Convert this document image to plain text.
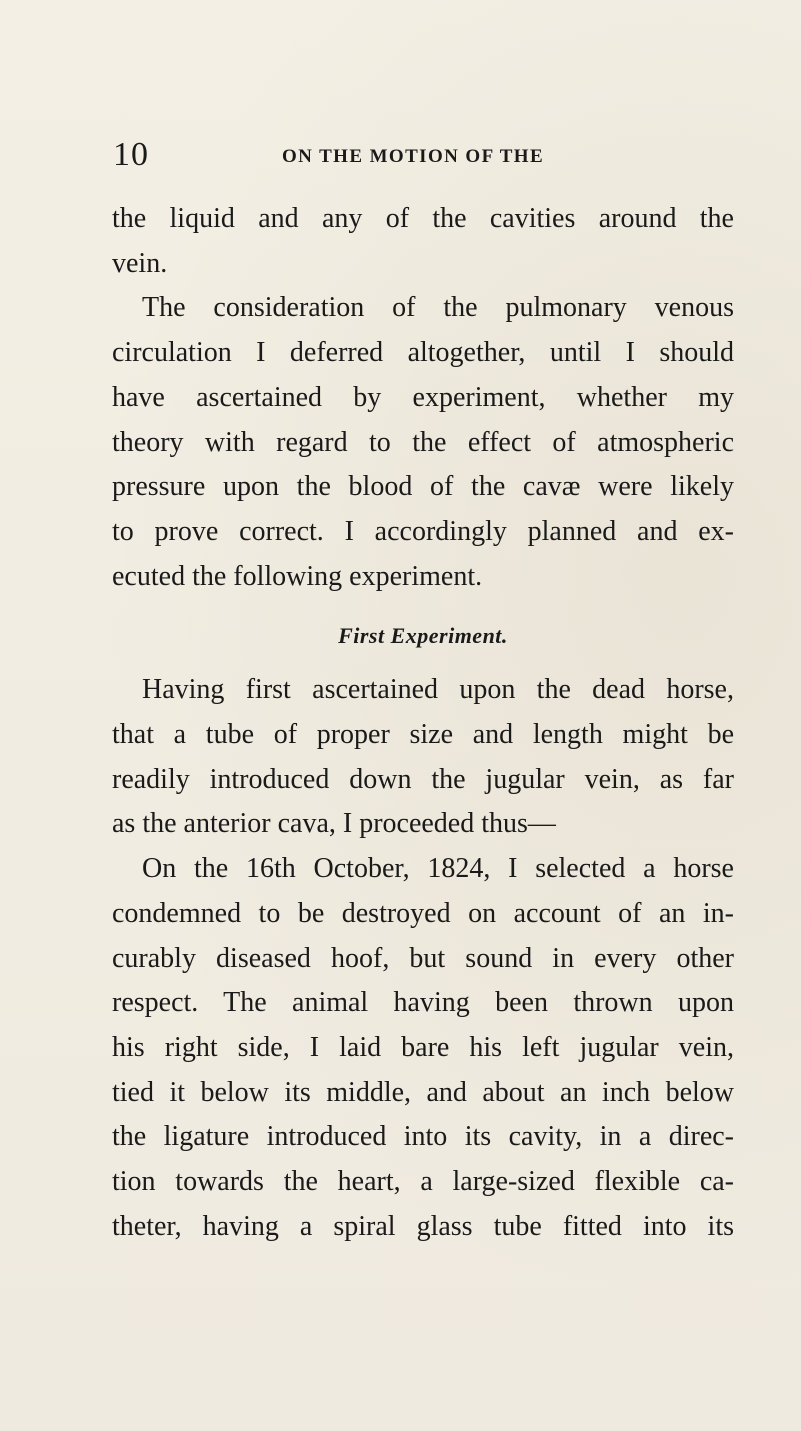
10	ON THE MOTION OF THE
the liquid and any of the cavities around the
vein.
The consideration of the pulmonary venous
circulation I deferred altogether, until I should
have ascertained by experiment, whether my
theory with regard to the effect of atmospheric
pressure upon the blood of the cavæ were likely
to prove correct. I accordingly planned and ex-
ecuted the following experiment.

First Experiment.

Having first ascertained upon the dead horse,
that a tube of proper size and length might be
readily introduced down the jugular vein, as far
as the anterior cava, I proceeded thus—
On the 16th October, 1824, I selected a horse
condemned to be destroyed on account of an in-
curably diseased hoof, but sound in every other
respect. The animal having been thrown upon
his right side, I laid bare his left jugular vein,
tied it below its middle, and about an inch below
the ligature introduced into its cavity, in a direc-
tion towards the heart, a large-sized flexible ca-
theter, having a spiral glass tube fitted into its
